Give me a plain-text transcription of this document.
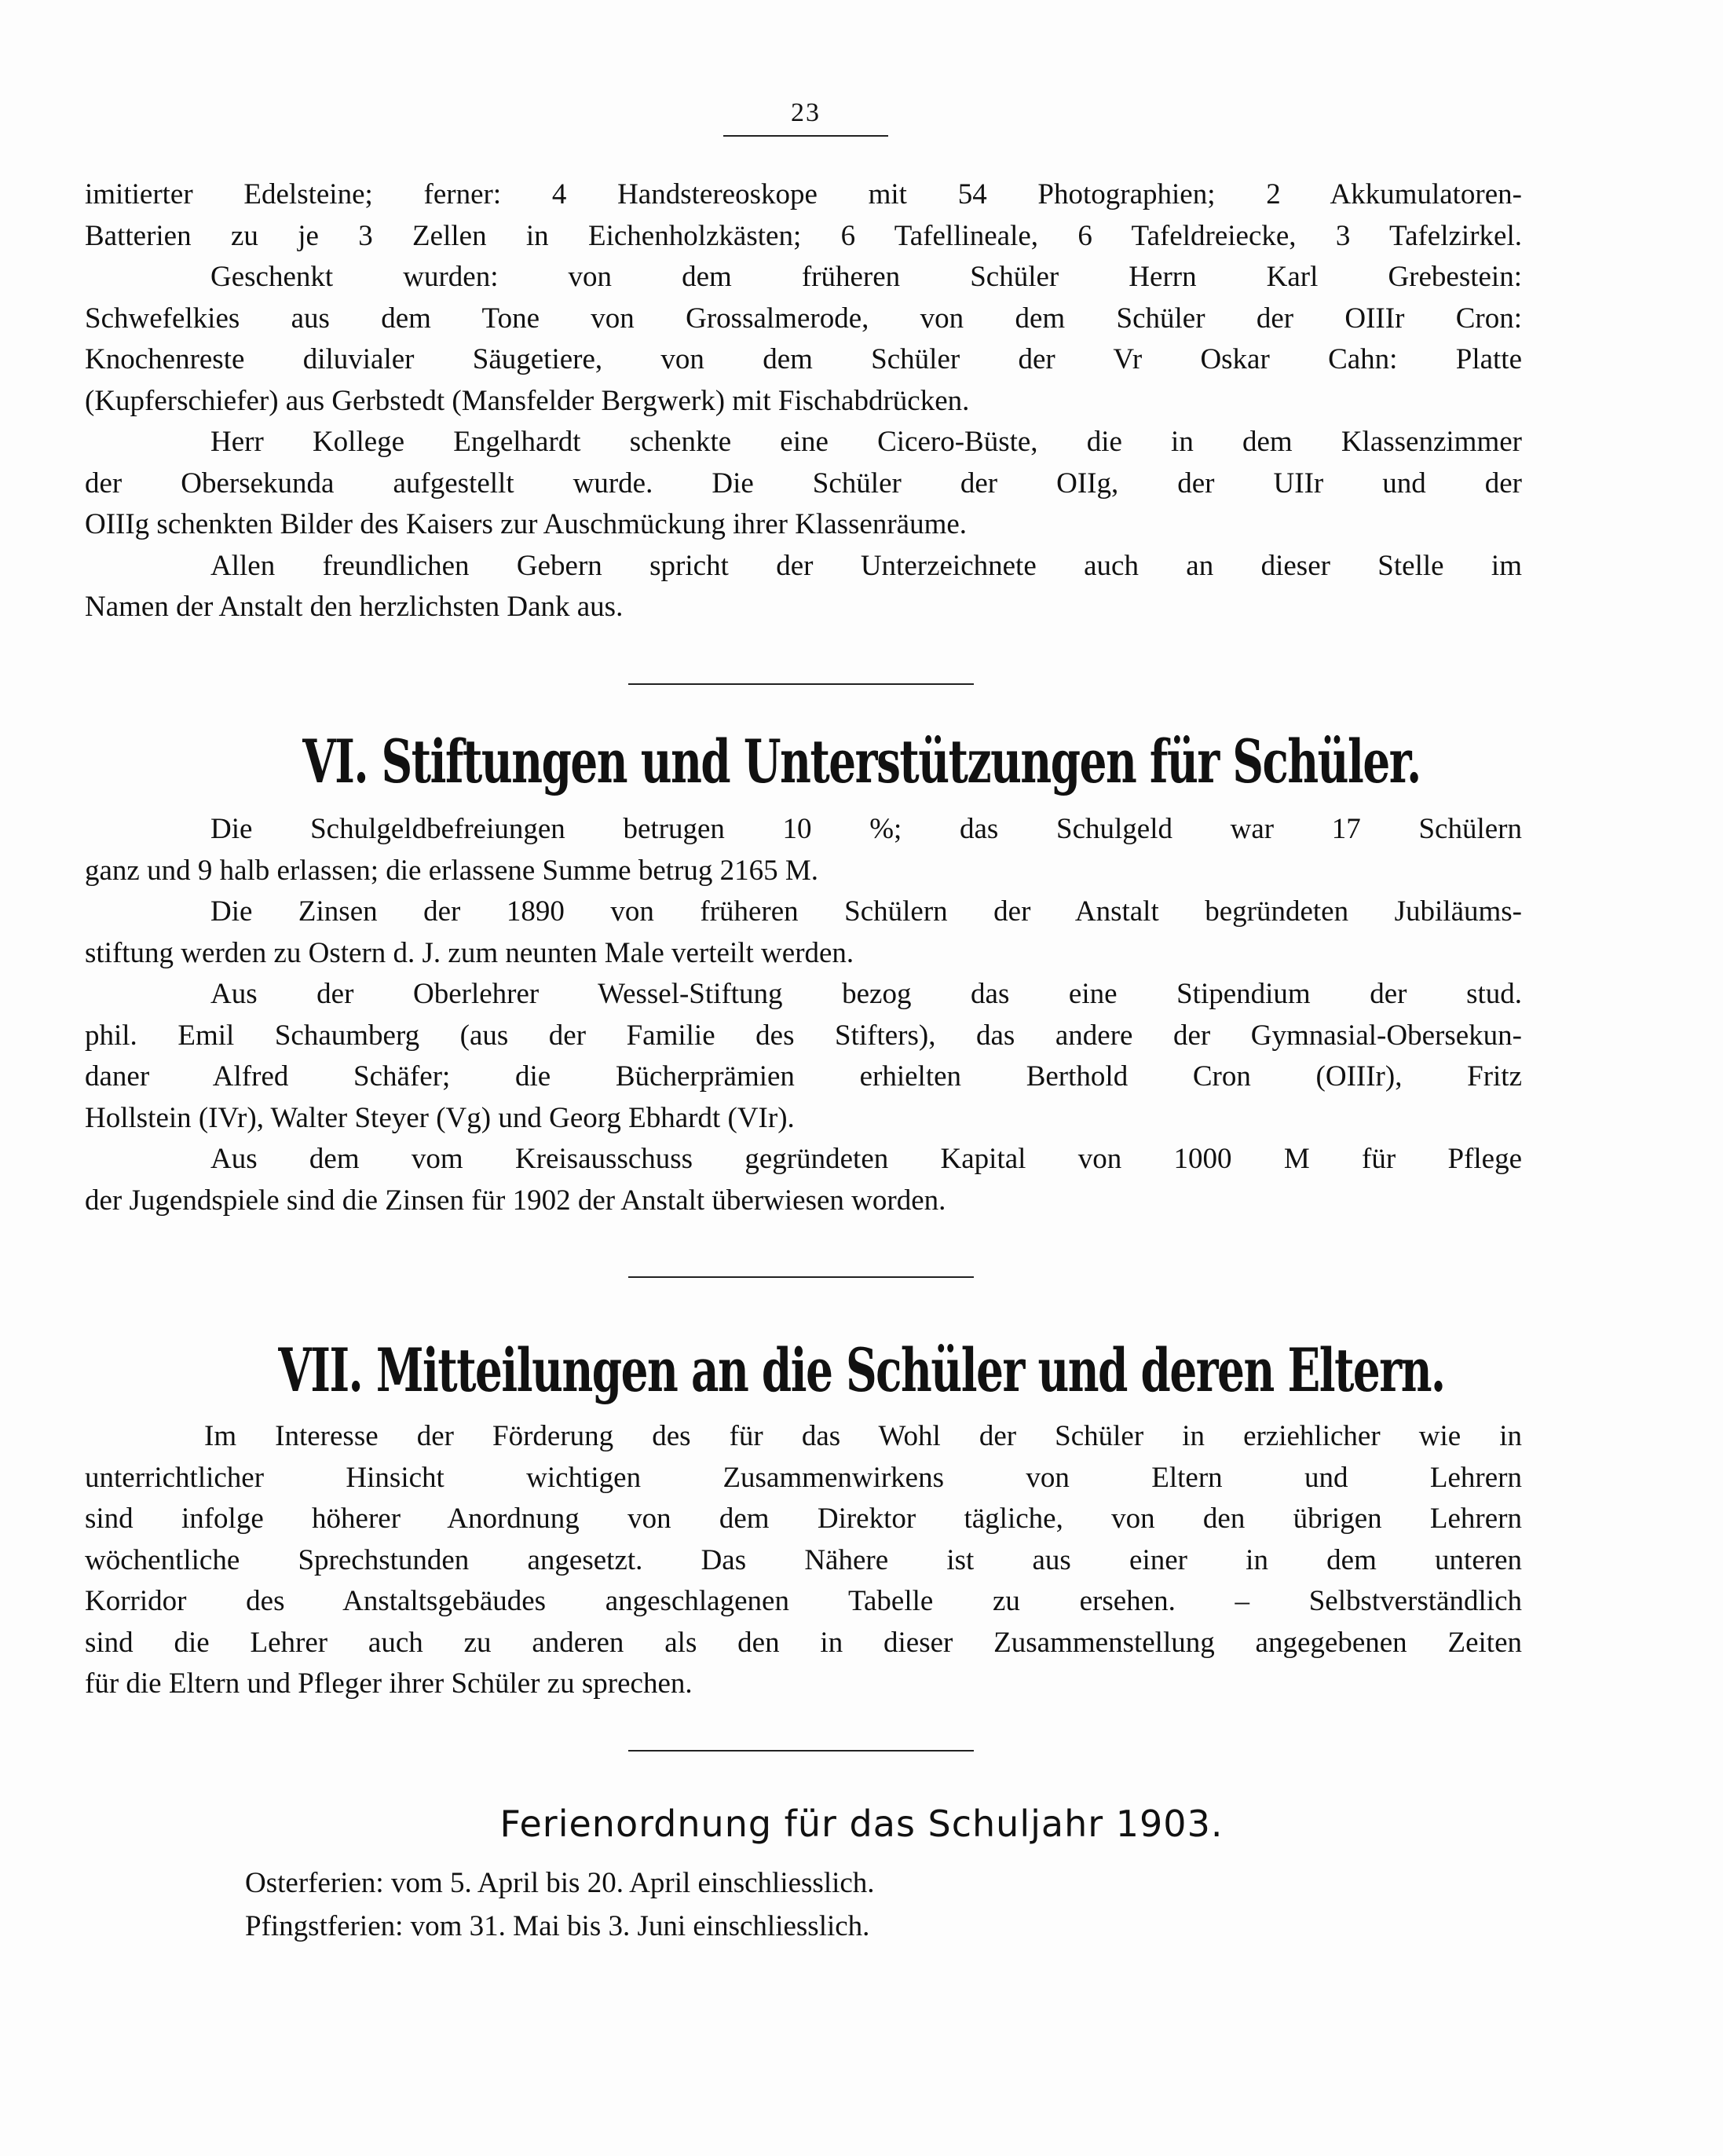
23
imitierter Edelsteine; ferner: 4 Handstereoskope mit 54 Photographien; 2 Akkumulatoren-
Batterien zu je 3 Zellen in Eichenholzkästen; 6 Tafellineale, 6 Tafeldreiecke, 3 Tafelzirkel.
Geschenkt wurden: von dem früheren Schüler Herrn Karl Grebestein:
Schwefelkies aus dem Tone von Grossalmerode, von dem Schüler der OIIIr Cron:
Knochenreste diluvialer Säugetiere, von dem Schüler der Vr Oskar Cahn: Platte
(Kupferschiefer) aus Gerbstedt (Mansfelder Bergwerk) mit Fischabdrücken.
Herr Kollege Engelhardt schenkte eine Cicero-Büste, die in dem Klassenzimmer
der Obersekunda aufgestellt wurde. Die Schüler der OIIg, der UIIr und der
OIIIg schenkten Bilder des Kaisers zur Auschmückung ihrer Klassenräume.
Allen freundlichen Gebern spricht der Unterzeichnete auch an dieser Stelle im
Namen der Anstalt den herzlichsten Dank aus.
VI. Stiftungen und Unterstützungen für Schüler.
Die Schulgeldbefreiungen betrugen 10 %; das Schulgeld war 17 Schülern
ganz und 9 halb erlassen; die erlassene Summe betrug 2165 M.
Die Zinsen der 1890 von früheren Schülern der Anstalt begründeten Jubiläums-
stiftung werden zu Ostern d. J. zum neunten Male verteilt werden.
Aus der Oberlehrer Wessel-Stiftung bezog das eine Stipendium der stud.
phil. Emil Schaumberg (aus der Familie des Stifters), das andere der Gymnasial-Obersekun-
daner Alfred Schäfer; die Bücherprämien erhielten Berthold Cron (OIIIr), Fritz
Hollstein (IVr), Walter Steyer (Vg) und Georg Ebhardt (VIr).
Aus dem vom Kreisausschuss gegründeten Kapital von 1000 M für Pflege
der Jugendspiele sind die Zinsen für 1902 der Anstalt überwiesen worden.
VII. Mitteilungen an die Schüler und deren Eltern.
Im Interesse der Förderung des für das Wohl der Schüler in erziehlicher wie in
unterrichtlicher Hinsicht wichtigen Zusammenwirkens von Eltern und Lehrern
sind infolge höherer Anordnung von dem Direktor tägliche, von den übrigen Lehrern
wöchentliche Sprechstunden angesetzt. Das Nähere ist aus einer in dem unteren
Korridor des Anstaltsgebäudes angeschlagenen Tabelle zu ersehen. – Selbstverständlich
sind die Lehrer auch zu anderen als den in dieser Zusammenstellung angegebenen Zeiten
für die Eltern und Pfleger ihrer Schüler zu sprechen.
Ferienordnung für das Schuljahr 1903.
Osterferien: vom 5. April bis 20. April einschliesslich.
Pfingstferien: vom 31. Mai bis 3. Juni einschliesslich.
